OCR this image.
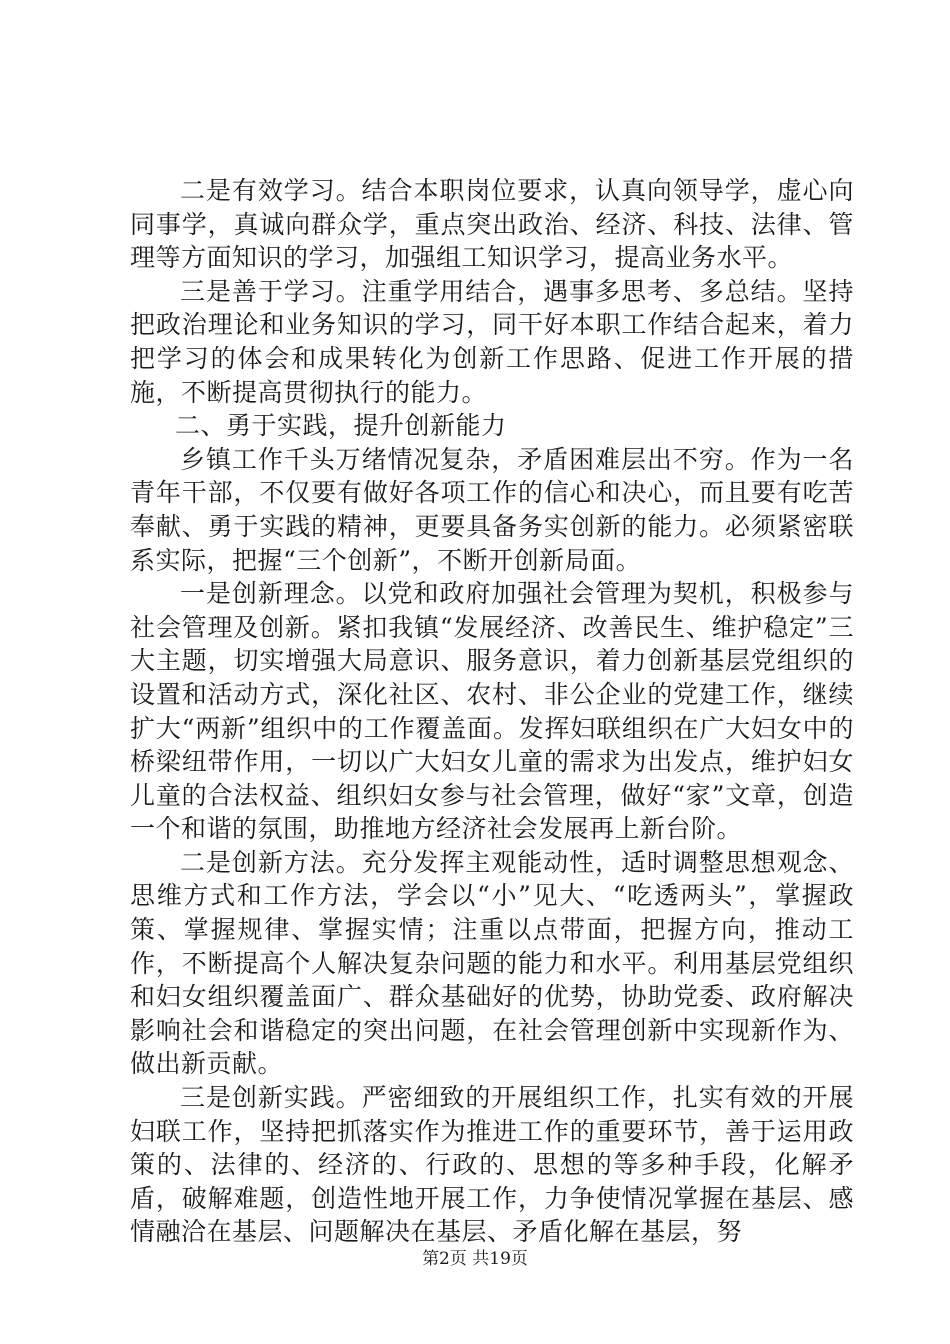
二是有效学习。结合本职岗位要求，认真向领导学，虚心向同事学，真诚向群众学，重点突出政治、经济、科技、法律、管理等方面知识的学习，加强组工知识学习，提高业务水平。

三是善于学习。注重学用结合，遇事多思考、多总结。坚持把政治理论和业务知识的学习，同干好本职工作结合起来，着力把学习的体会和成果转化为创新工作思路、促进工作开展的措施，不断提高贯彻执行的能力。

二、勇于实践，提升创新能力

乡镇工作千头万绪情况复杂，矛盾困难层出不穷。作为一名青年干部，不仅要有做好各项工作的信心和决心，而且要有吃苦奉献、勇于实践的精神，更要具备务实创新的能力。必须紧密联系实际，把握“三个创新”，不断开创新局面。

一是创新理念。以党和政府加强社会管理为契机，积极参与社会管理及创新。紧扣我镇“发展经济、改善民生、维护稳定”三大主题，切实增强大局意识、服务意识，着力创新基层党组织的设置和活动方式，深化社区、农村、非公企业的党建工作，继续扩大“两新”组织中的工作覆盖面。发挥妇联组织在广大妇女中的桥梁纽带作用，一切以广大妇女儿童的需求为出发点，维护妇女儿童的合法权益、组织妇女参与社会管理，做好“家”文章，创造一个和谐的氛围，助推地方经济社会发展再上新台阶。

二是创新方法。充分发挥主观能动性，适时调整思想观念、思维方式和工作方法，学会以“小”见大、“吃透两头”，掌握政策、掌握规律、掌握实情；注重以点带面，把握方向，推动工作，不断提高个人解决复杂问题的能力和水平。利用基层党组织和妇女组织覆盖面广、群众基础好的优势，协助党委、政府解决影响社会和谐稳定的突出问题，在社会管理创新中实现新作为、做出新贡献。

三是创新实践。严密细致的开展组织工作，扎实有效的开展妇联工作，坚持把抓落实作为推进工作的重要环节，善于运用政策的、法律的、经济的、行政的、思想的等多种手段，化解矛盾，破解难题，创造性地开展工作，力争使情况掌握在基层、感情融洽在基层、问题解决在基层、矛盾化解在基层，努

第2页 共19页
